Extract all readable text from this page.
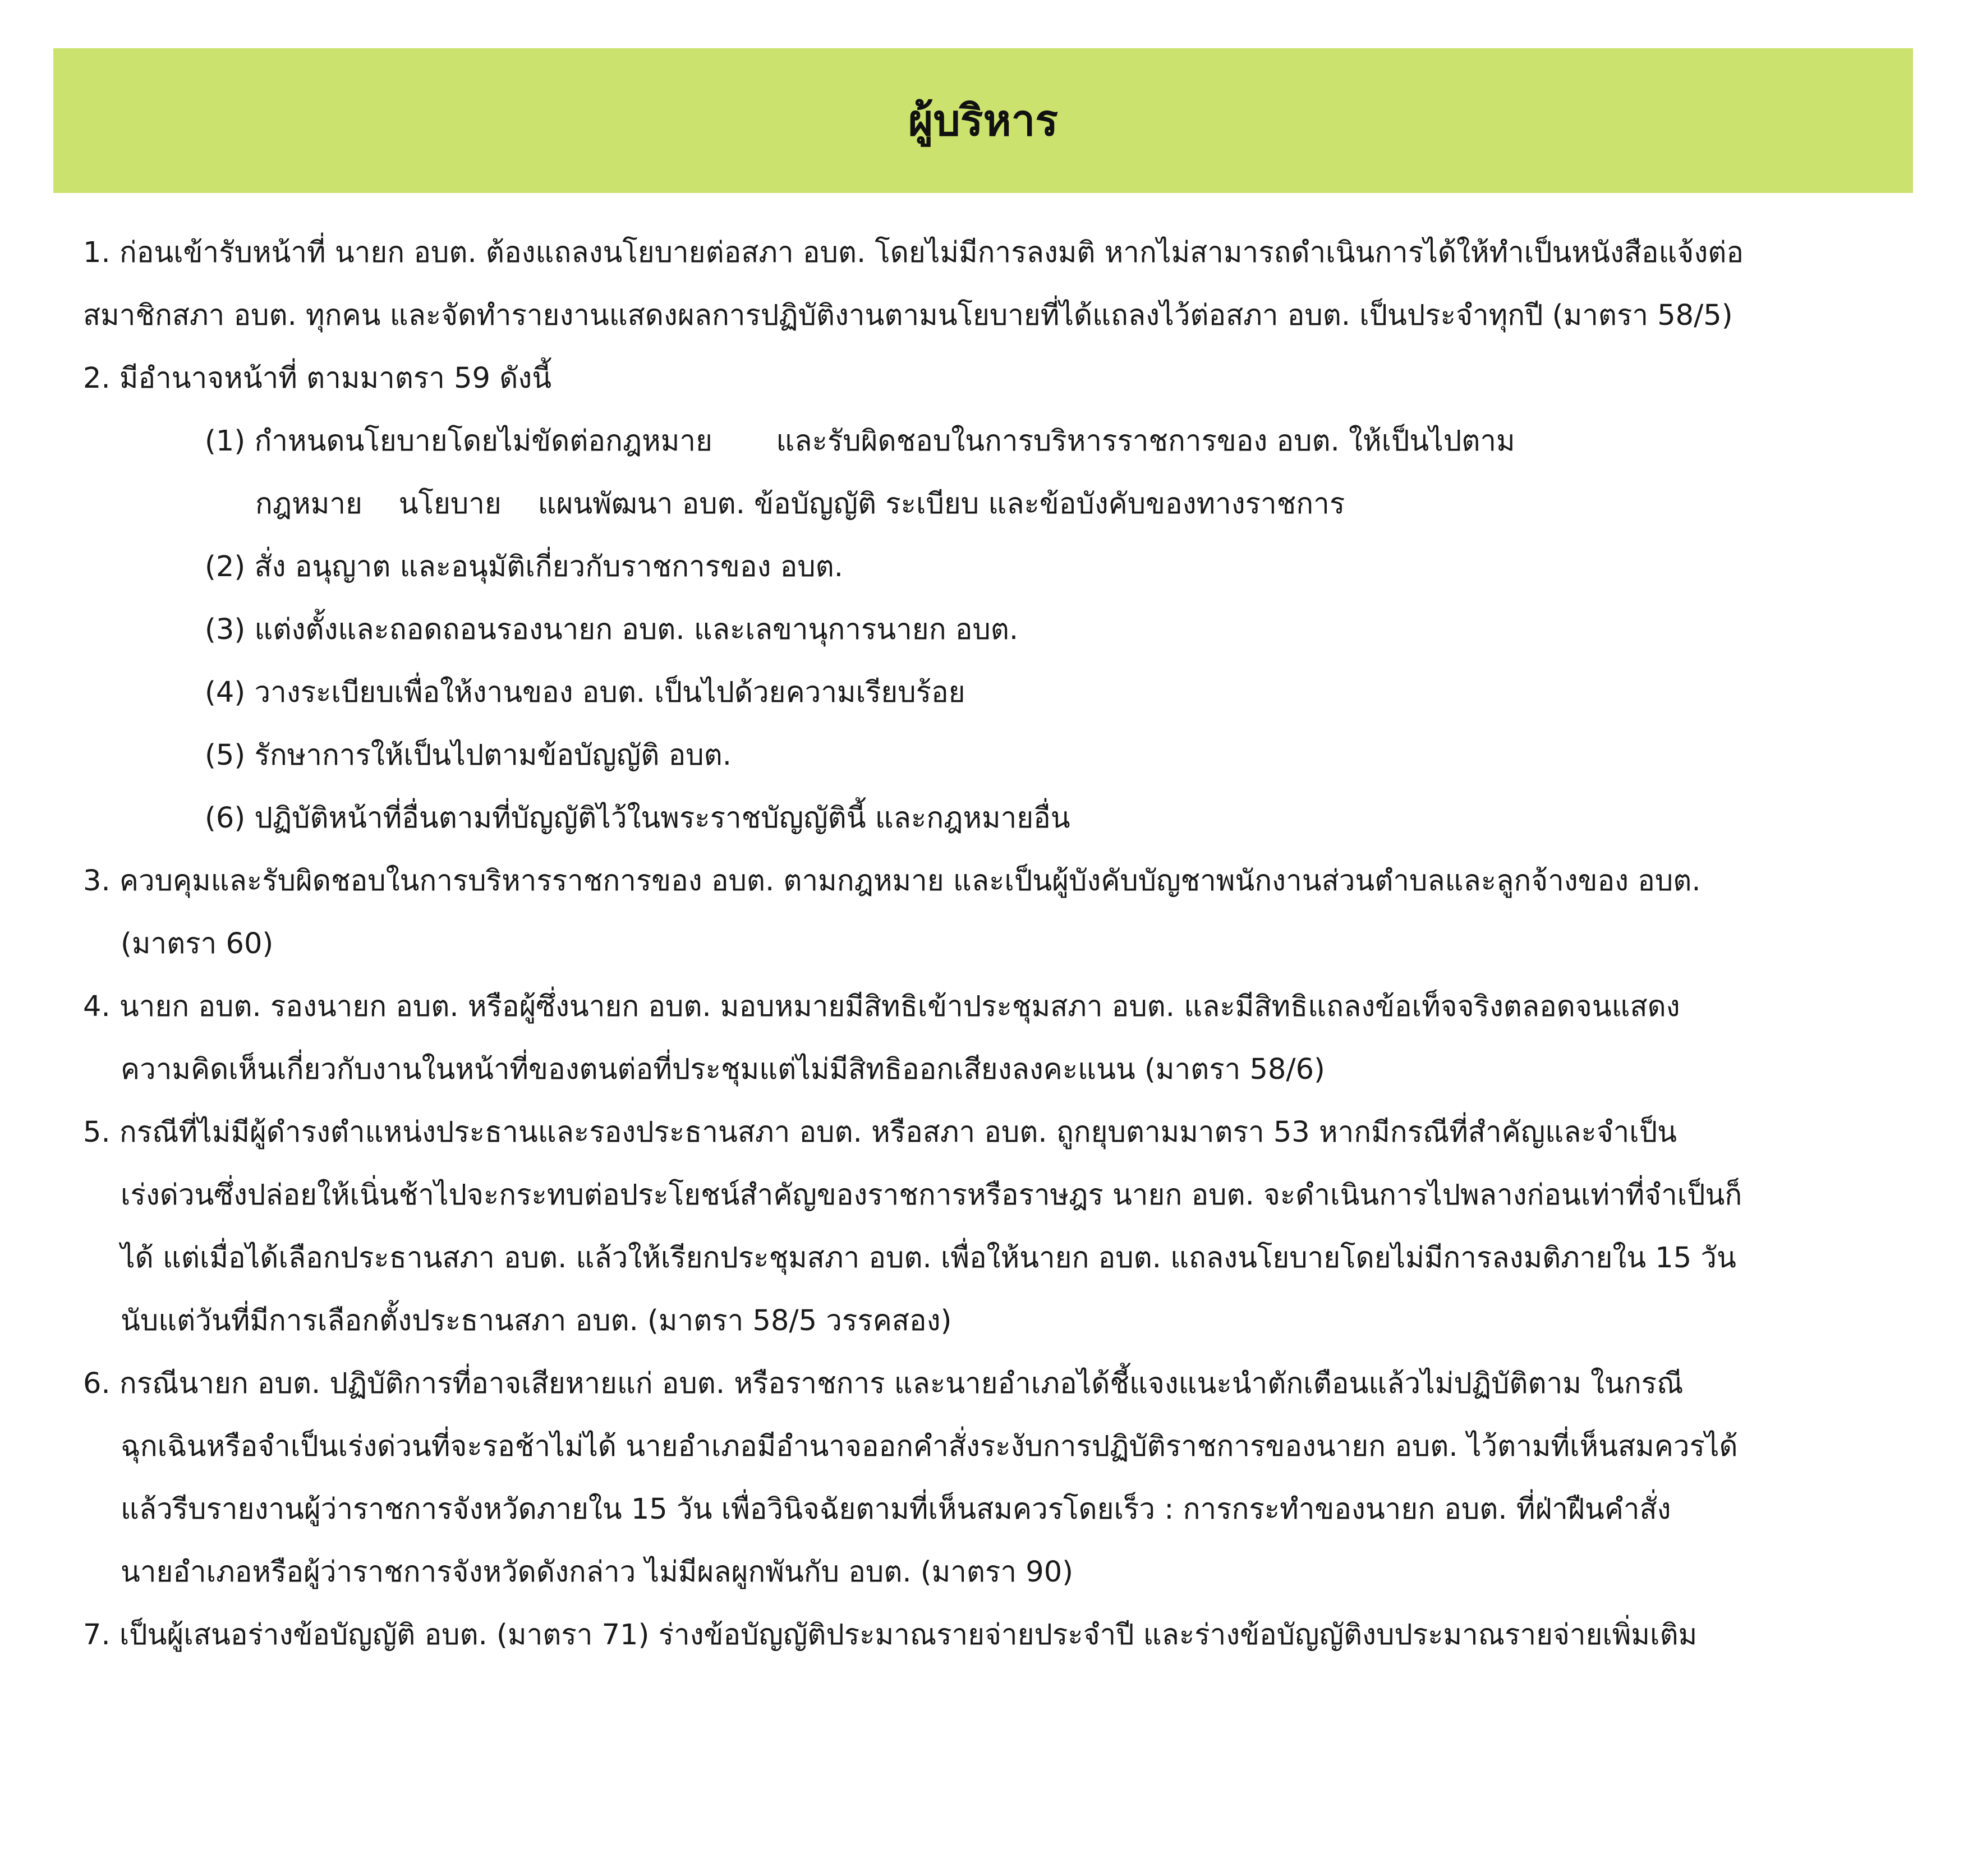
ผู้บริหาร
1. ก่อนเข้ารับหน้าที่ นายก อบต. ต้องแถลงนโยบายต่อสภา อบต. โดยไม่มีการลงมติ หากไม่สามารถดำเนินการได้ให้ทำเป็นหนังสือแจ้งต่อ
สมาชิกสภา อบต. ทุกคน และจัดทำรายงานแสดงผลการปฏิบัติงานตามนโยบายที่ได้แถลงไว้ต่อสภา อบต. เป็นประจำทุกปี (มาตรา 58/5)
2. มีอำนาจหน้าที่ ตามมาตรา 59 ดังนี้
(1) กำหนดนโยบายโดยไม่ขัดต่อกฎหมาย       และรับผิดชอบในการบริหารราชการของ อบต. ให้เป็นไปตาม
กฎหมาย    นโยบาย    แผนพัฒนา อบต. ข้อบัญญัติ ระเบียบ และข้อบังคับของทางราชการ
(2) สั่ง อนุญาต และอนุมัติเกี่ยวกับราชการของ อบต.
(3) แต่งตั้งและถอดถอนรองนายก อบต. และเลขานุการนายก อบต.
(4) วางระเบียบเพื่อให้งานของ อบต. เป็นไปด้วยความเรียบร้อย
(5) รักษาการให้เป็นไปตามข้อบัญญัติ อบต.
(6) ปฏิบัติหน้าที่อื่นตามที่บัญญัติไว้ในพระราชบัญญัตินี้ และกฎหมายอื่น
3. ควบคุมและรับผิดชอบในการบริหารราชการของ อบต. ตามกฎหมาย และเป็นผู้บังคับบัญชาพนักงานส่วนตำบลและลูกจ้างของ อบต.
(มาตรา 60)
4. นายก อบต. รองนายก อบต. หรือผู้ซึ่งนายก อบต. มอบหมายมีสิทธิเข้าประชุมสภา อบต. และมีสิทธิแถลงข้อเท็จจริงตลอดจนแสดง
ความคิดเห็นเกี่ยวกับงานในหน้าที่ของตนต่อที่ประชุมแต่ไม่มีสิทธิออกเสียงลงคะแนน (มาตรา 58/6)
5. กรณีที่ไม่มีผู้ดำรงตำแหน่งประธานและรองประธานสภา อบต. หรือสภา อบต. ถูกยุบตามมาตรา 53 หากมีกรณีที่สำคัญและจำเป็น
เร่งด่วนซึ่งปล่อยให้เนิ่นช้าไปจะกระทบต่อประโยชน์สำคัญของราชการหรือราษฎร นายก อบต. จะดำเนินการไปพลางก่อนเท่าที่จำเป็นก็
ได้ แต่เมื่อได้เลือกประธานสภา อบต. แล้วให้เรียกประชุมสภา อบต. เพื่อให้นายก อบต. แถลงนโยบายโดยไม่มีการลงมติภายใน 15 วัน
นับแต่วันที่มีการเลือกตั้งประธานสภา อบต. (มาตรา 58/5 วรรคสอง)
6. กรณีนายก อบต. ปฏิบัติการที่อาจเสียหายแก่ อบต. หรือราชการ และนายอำเภอได้ชี้แจงแนะนำตักเตือนแล้วไม่ปฏิบัติตาม ในกรณี
ฉุกเฉินหรือจำเป็นเร่งด่วนที่จะรอช้าไม่ได้ นายอำเภอมีอำนาจออกคำสั่งระงับการปฏิบัติราชการของนายก อบต. ไว้ตามที่เห็นสมควรได้
แล้วรีบรายงานผู้ว่าราชการจังหวัดภายใน 15 วัน เพื่อวินิจฉัยตามที่เห็นสมควรโดยเร็ว : การกระทำของนายก อบต. ที่ฝ่าฝืนคำสั่ง
นายอำเภอหรือผู้ว่าราชการจังหวัดดังกล่าว ไม่มีผลผูกพันกับ อบต. (มาตรา 90)
7. เป็นผู้เสนอร่างข้อบัญญัติ อบต. (มาตรา 71) ร่างข้อบัญญัติประมาณรายจ่ายประจำปี และร่างข้อบัญญัติงบประมาณรายจ่ายเพิ่มเติม
